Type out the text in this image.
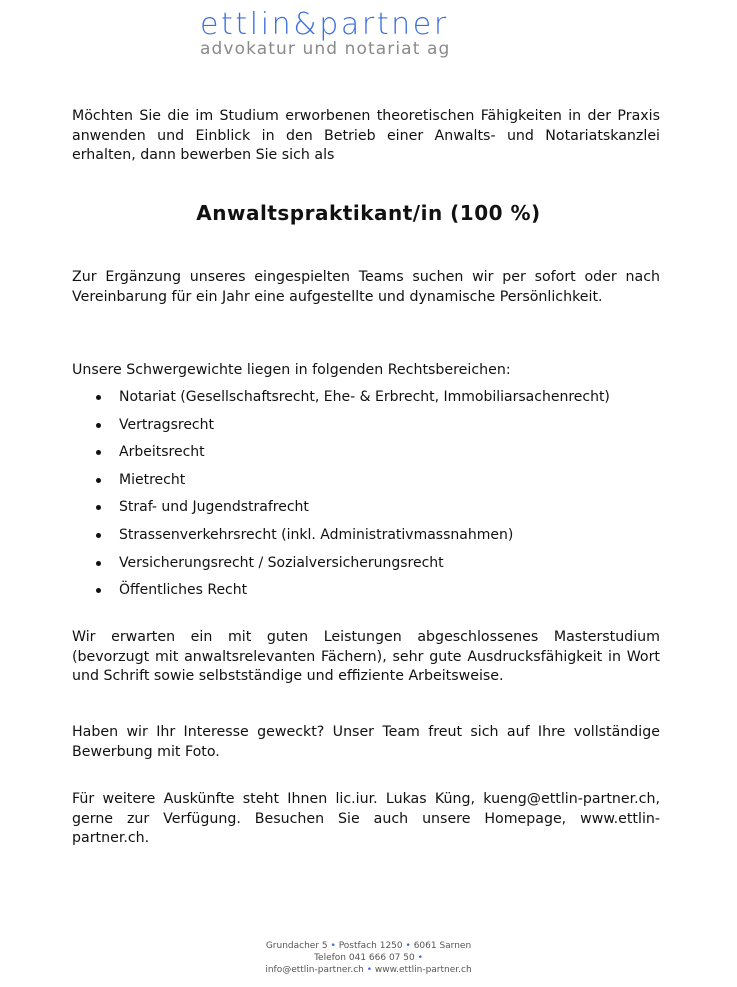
ettlin&partner
advokatur und notariat ag

Möchten Sie die im Studium erworbenen theoretischen Fähigkeiten in der Praxis anwenden und Einblick in den Betrieb einer Anwalts- und Notariatskanzlei erhalten, dann bewerben Sie sich als

Anwaltspraktikant/in (100 %)

Zur Ergänzung unseres eingespielten Teams suchen wir per sofort oder nach Vereinbarung für ein Jahr eine aufgestellte und dynamische Persönlichkeit.

Unsere Schwergewichte liegen in folgenden Rechtsbereichen:

Notariat (Gesellschaftsrecht, Ehe- & Erbrecht, Immobiliarsachenrecht)
Vertragsrecht
Arbeitsrecht
Mietrecht
Straf- und Jugendstrafrecht
Strassenverkehrsrecht (inkl. Administrativmassnahmen)
Versicherungsrecht / Sozialversicherungsrecht
Öffentliches Recht

Wir erwarten ein mit guten Leistungen abgeschlossenes Masterstudium (bevorzugt mit anwaltsrelevanten Fächern), sehr gute Ausdrucksfähigkeit in Wort und Schrift sowie selbstständige und effiziente Arbeitsweise.

Haben wir Ihr Interesse geweckt? Unser Team freut sich auf Ihre vollständige Bewerbung mit Foto.

Für weitere Auskünfte steht Ihnen lic.iur. Lukas Küng, kueng@ettlin-partner.ch, gerne zur Verfügung. Besuchen Sie auch unsere Homepage, www.ettlin-partner.ch.

Grundacher 5 • Postfach 1250 • 6061 Sarnen
Telefon 041 666 07 50 •
info@ettlin-partner.ch • www.ettlin-partner.ch
